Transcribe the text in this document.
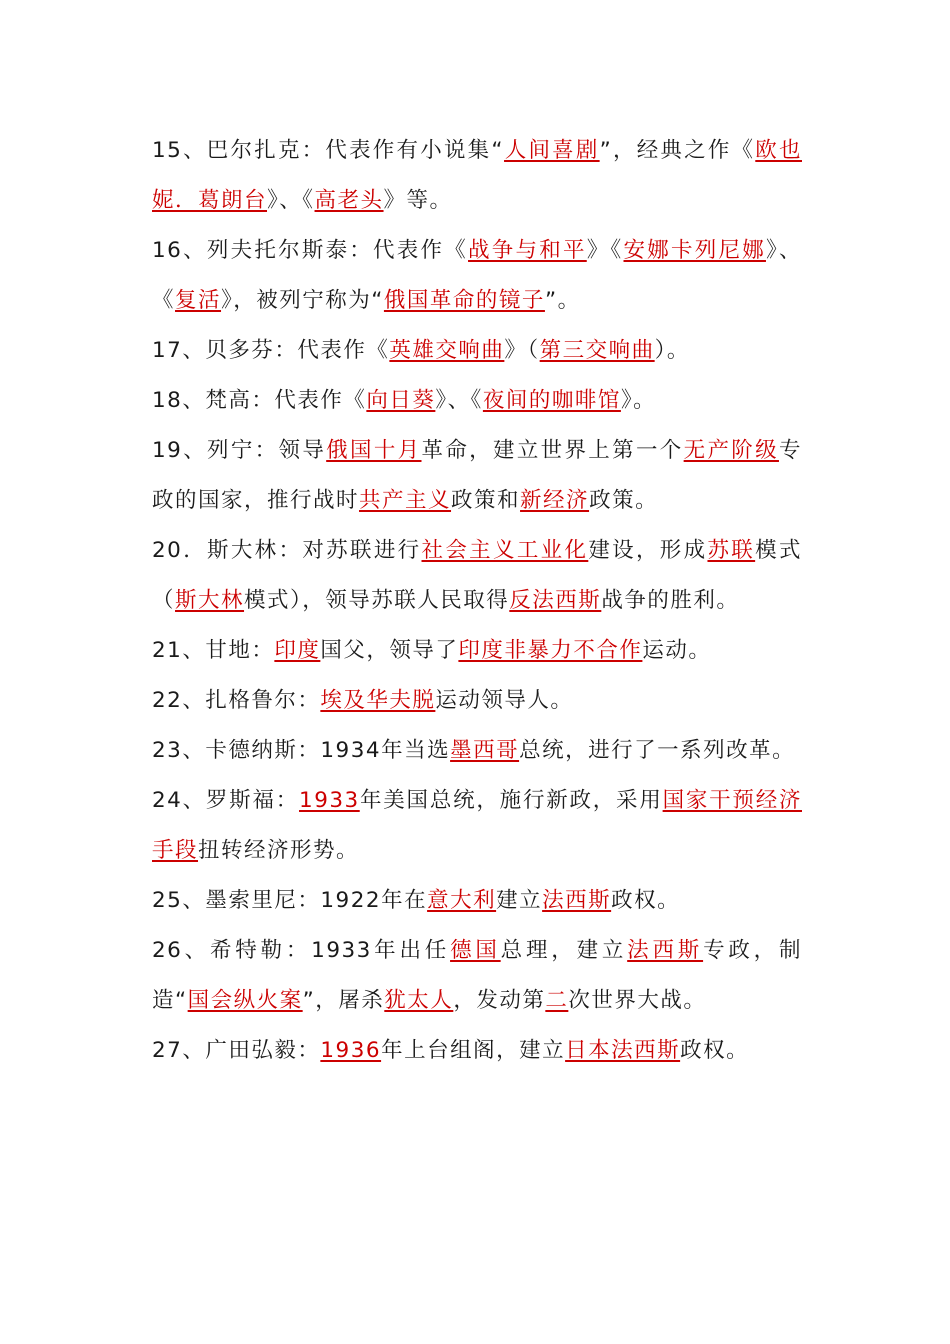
15、巴尔扎克：代表作有小说集“人间喜剧”，经典之作《欧也妮．葛朗台》、《高老头》等。

16、列夫托尔斯泰：代表作《战争与和平》《安娜卡列尼娜》、《复活》，被列宁称为“俄国革命的镜子”。

17、贝多芬：代表作《英雄交响曲》（第三交响曲）。

18、梵高：代表作《向日葵》、《夜间的咖啡馆》。

19、列宁：领导俄国十月革命，建立世界上第一个无产阶级专政的国家，推行战时共产主义政策和新经济政策。

20．斯大林：对苏联进行社会主义工业化建设，形成苏联模式（斯大林模式），领导苏联人民取得反法西斯战争的胜利。

21、甘地：印度国父，领导了印度非暴力不合作运动。

22、扎格鲁尔：埃及华夫脱运动领导人。

23、卡德纳斯：1934年当选墨西哥总统，进行了一系列改革。

24、罗斯福：1933年美国总统，施行新政，采用国家干预经济手段扭转经济形势。

25、墨索里尼：1922年在意大利建立法西斯政权。

26、希特勒：1933年出任德国总理，建立法西斯专政，制造“国会纵火案”，屠杀犹太人，发动第二次世界大战。

27、广田弘毅：1936年上台组阁，建立日本法西斯政权。
